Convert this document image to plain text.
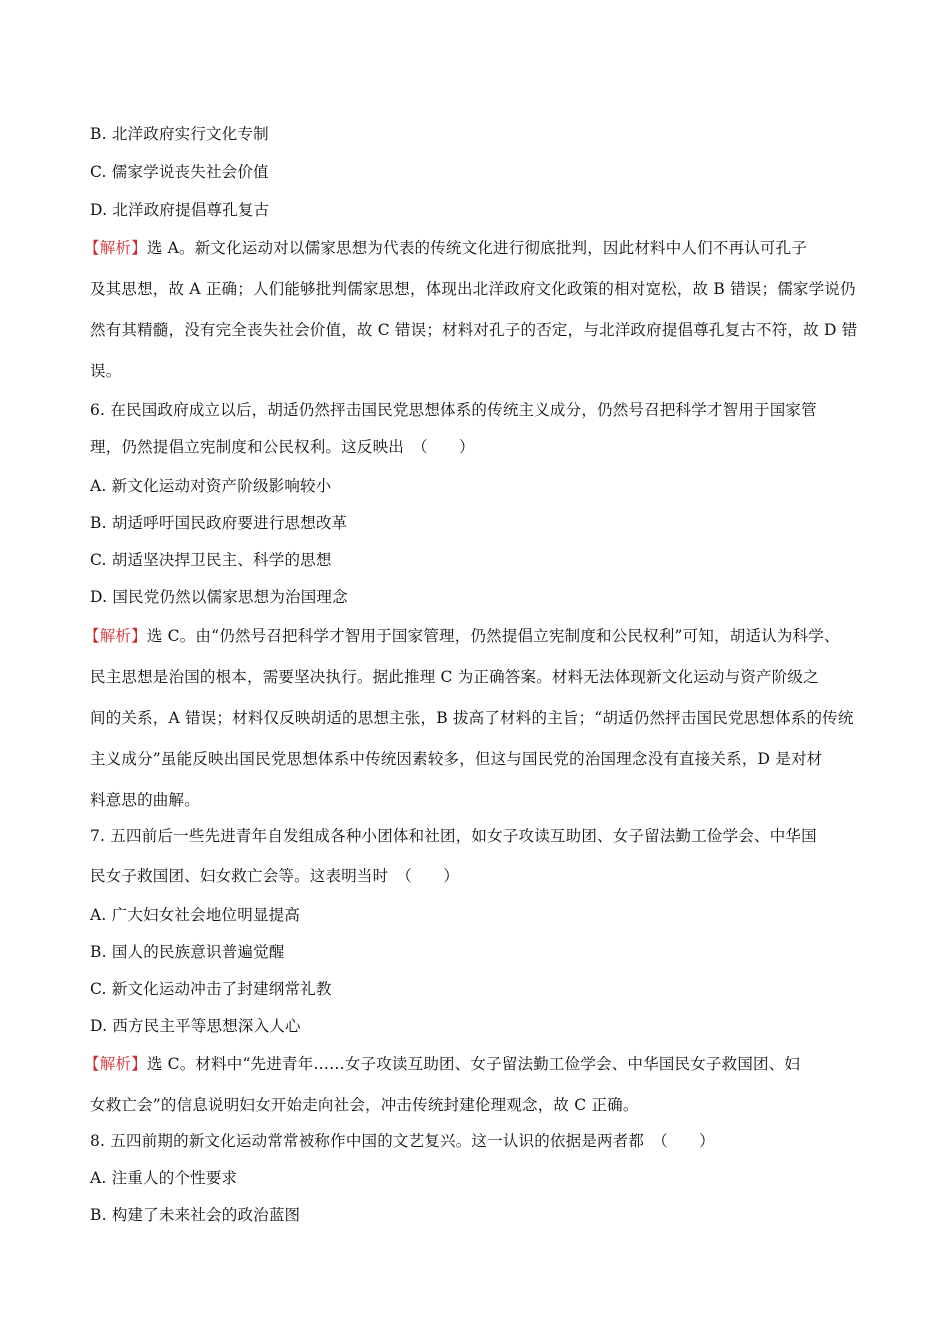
B. 北洋政府实行文化专制
C. 儒家学说丧失社会价值
D. 北洋政府提倡尊孔复古
【解析】选 A。新文化运动对以儒家思想为代表的传统文化进行彻底批判，因此材料中人们不再认可孔子
及其思想，故 A 正确；人们能够批判儒家思想，体现出北洋政府文化政策的相对宽松，故 B 错误；儒家学说仍
然有其精髓，没有完全丧失社会价值，故 C 错误；材料对孔子的否定，与北洋政府提倡尊孔复古不符，故 D 错
误。
6. 在民国政府成立以后，胡适仍然抨击国民党思想体系的传统主义成分，仍然号召把科学才智用于国家管
理，仍然提倡立宪制度和公民权利。这反映出　（　　）
A. 新文化运动对资产阶级影响较小
B. 胡适呼吁国民政府要进行思想改革
C. 胡适坚决捍卫民主、科学的思想
D. 国民党仍然以儒家思想为治国理念
【解析】选 C。由“仍然号召把科学才智用于国家管理，仍然提倡立宪制度和公民权利”可知，胡适认为科学、
民主思想是治国的根本，需要坚决执行。据此推理 C 为正确答案。材料无法体现新文化运动与资产阶级之
间的关系，A 错误；材料仅反映胡适的思想主张，B 拔高了材料的主旨；“胡适仍然抨击国民党思想体系的传统
主义成分”虽能反映出国民党思想体系中传统因素较多，但这与国民党的治国理念没有直接关系，D 是对材
料意思的曲解。
7. 五四前后一些先进青年自发组成各种小团体和社团，如女子攻读互助团、女子留法勤工俭学会、中华国
民女子救国团、妇女救亡会等。这表明当时　（　　）
A. 广大妇女社会地位明显提高
B. 国人的民族意识普遍觉醒
C. 新文化运动冲击了封建纲常礼教
D. 西方民主平等思想深入人心
【解析】选 C。材料中“先进青年……女子攻读互助团、女子留法勤工俭学会、中华国民女子救国团、妇
女救亡会”的信息说明妇女开始走向社会，冲击传统封建伦理观念，故 C 正确。
8. 五四前期的新文化运动常常被称作中国的文艺复兴。这一认识的依据是两者都　（　　）
A. 注重人的个性要求
B. 构建了未来社会的政治蓝图
